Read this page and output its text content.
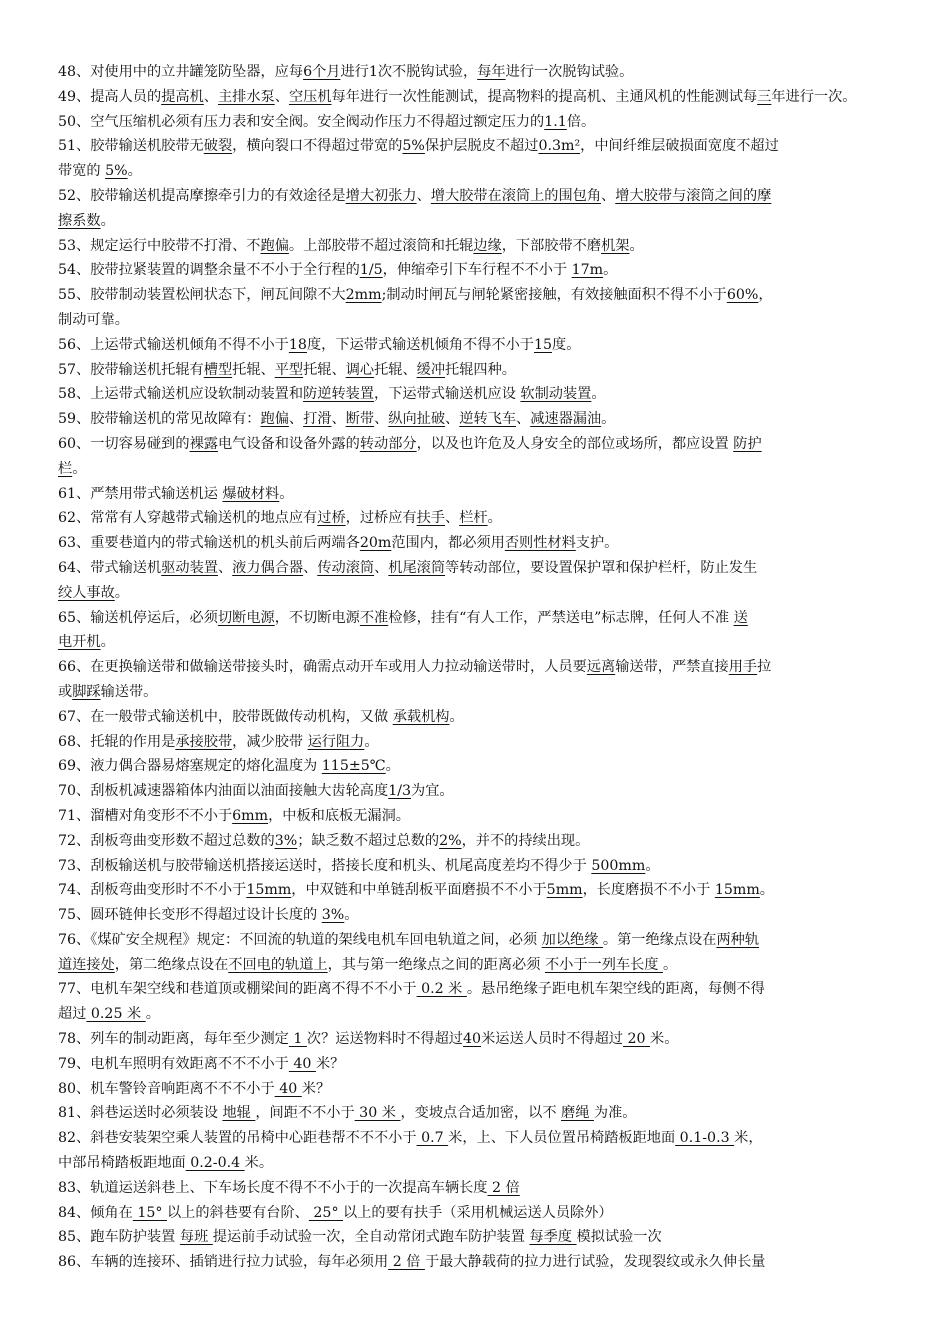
48、对使用中的立井罐笼防坠器，应每6个月进行1次不脱钩试验，每年进行一次脱钩试验。
49、提高人员的提高机、主排水泵、空压机每年进行一次性能测试，提高物料的提高机、主通风机的性能测试每三年进行一次。
50、空气压缩机必须有压力表和安全阀。安全阀动作压力不得超过额定压力的1.1倍。
51、胶带输送机胶带无破裂，横向裂口不得超过带宽的5%保护层脱皮不超过0.3m²，中间纤维层破损面宽度不超过
带宽的 5%。
52、胶带输送机提高摩擦牵引力的有效途径是增大初张力、增大胶带在滚筒上的围包角、增大胶带与滚筒之间的摩
擦系数。
53、规定运行中胶带不打滑、不跑偏。上部胶带不超过滚筒和托辊边缘，下部胶带不磨机架。
54、胶带拉紧装置的调整余量不不小于全行程的1/5，伸缩牵引下车行程不不小于 17m。
55、胶带制动装置松闸状态下，闸瓦间隙不大2mm;制动时闸瓦与闸轮紧密接触，有效接触面积不得不小于60%，
制动可靠。
56、上运带式输送机倾角不得不小于18度，下运带式输送机倾角不得不小于15度。
57、胶带输送机托辊有槽型托辊、平型托辊、调心托辊、缓冲托辊四种。
58、上运带式输送机应设软制动装置和防逆转装置，下运带式输送机应设 软制动装置。
59、胶带输送机的常见故障有：跑偏、打滑、断带、纵向扯破、逆转飞车、减速器漏油。
60、一切容易碰到的裸露电气设备和设备外露的转动部分，以及也许危及人身安全的部位或场所，都应设置 防护
栏。
61、严禁用带式输送机运 爆破材料。
62、常常有人穿越带式输送机的地点应有过桥，过桥应有扶手、栏杆。
63、重要巷道内的带式输送机的机头前后两端各20m范围内，都必须用否则性材料支护。
64、带式输送机驱动装置、液力偶合器、传动滚筒、机尾滚筒等转动部位，要设置保护罩和保护栏杆，防止发生
绞人事故。
65、输送机停运后，必须切断电源，不切断电源不准检修，挂有“有人工作，严禁送电”标志牌，任何人不准 送
电开机。
66、在更换输送带和做输送带接头时，确需点动开车或用人力拉动输送带时，人员要远离输送带，严禁直接用手拉
或脚踩输送带。
67、在一般带式输送机中，胶带既做传动机构，又做 承载机构。
68、托辊的作用是承接胶带，减少胶带 运行阻力。
69、液力偶合器易熔塞规定的熔化温度为 115±5℃。
70、刮板机减速器箱体内油面以油面接触大齿轮高度1/3为宜。
71、溜槽对角变形不不小于6mm，中板和底板无漏洞。
72、刮板弯曲变形数不超过总数的3%；缺乏数不超过总数的2%，并不的持续出现。
73、刮板输送机与胶带输送机搭接运送时，搭接长度和机头、机尾高度差均不得少于 500mm。
74、刮板弯曲变形时不不小于15mm，中双链和中单链刮板平面磨损不不小于5mm，长度磨损不不小于 15mm。
75、圆环链伸长变形不得超过设计长度的 3%。
76、《煤矿安全规程》规定：不回流的轨道的架线电机车回电轨道之间，必须 加以绝缘 。第一绝缘点设在两种轨
道连接处，第二绝缘点设在不回电的轨道上，其与第一绝缘点之间的距离必须 不小于一列车长度 。
77、电机车架空线和巷道顶或棚梁间的距离不得不不小于 0.2 米 。悬吊绝缘子距电机车架空线的距离，每侧不得
超过 0.25 米 。
78、列车的制动距离，每年至少测定 1 次？运送物料时不得超过40米运送人员时不得超过 20 米。
79、电机车照明有效距离不不不小于 40 米？
80、机车警铃音响距离不不不小于 40 米？
81、斜巷运送时必须装设 地辊 ，间距不不小于 30 米 ，变坡点合适加密，以不 磨绳 为准。
82、斜巷安装架空乘人装置的吊椅中心距巷帮不不不小于 0.7 米，上、下人员位置吊椅踏板距地面 0.1-0.3 米，
中部吊椅踏板距地面 0.2-0.4 米。
83、轨道运送斜巷上、下车场长度不得不不小于的一次提高车辆长度 2 倍
84、倾角在 15° 以上的斜巷要有台阶、 25° 以上的要有扶手（采用机械运送人员除外）
85、跑车防护装置 每班 提运前手动试验一次，全自动常闭式跑车防护装置 每季度 模拟试验一次
86、车辆的连接环、插销进行拉力试验，每年必须用 2 倍 于最大静载荷的拉力进行试验，发现裂纹或永久伸长量
